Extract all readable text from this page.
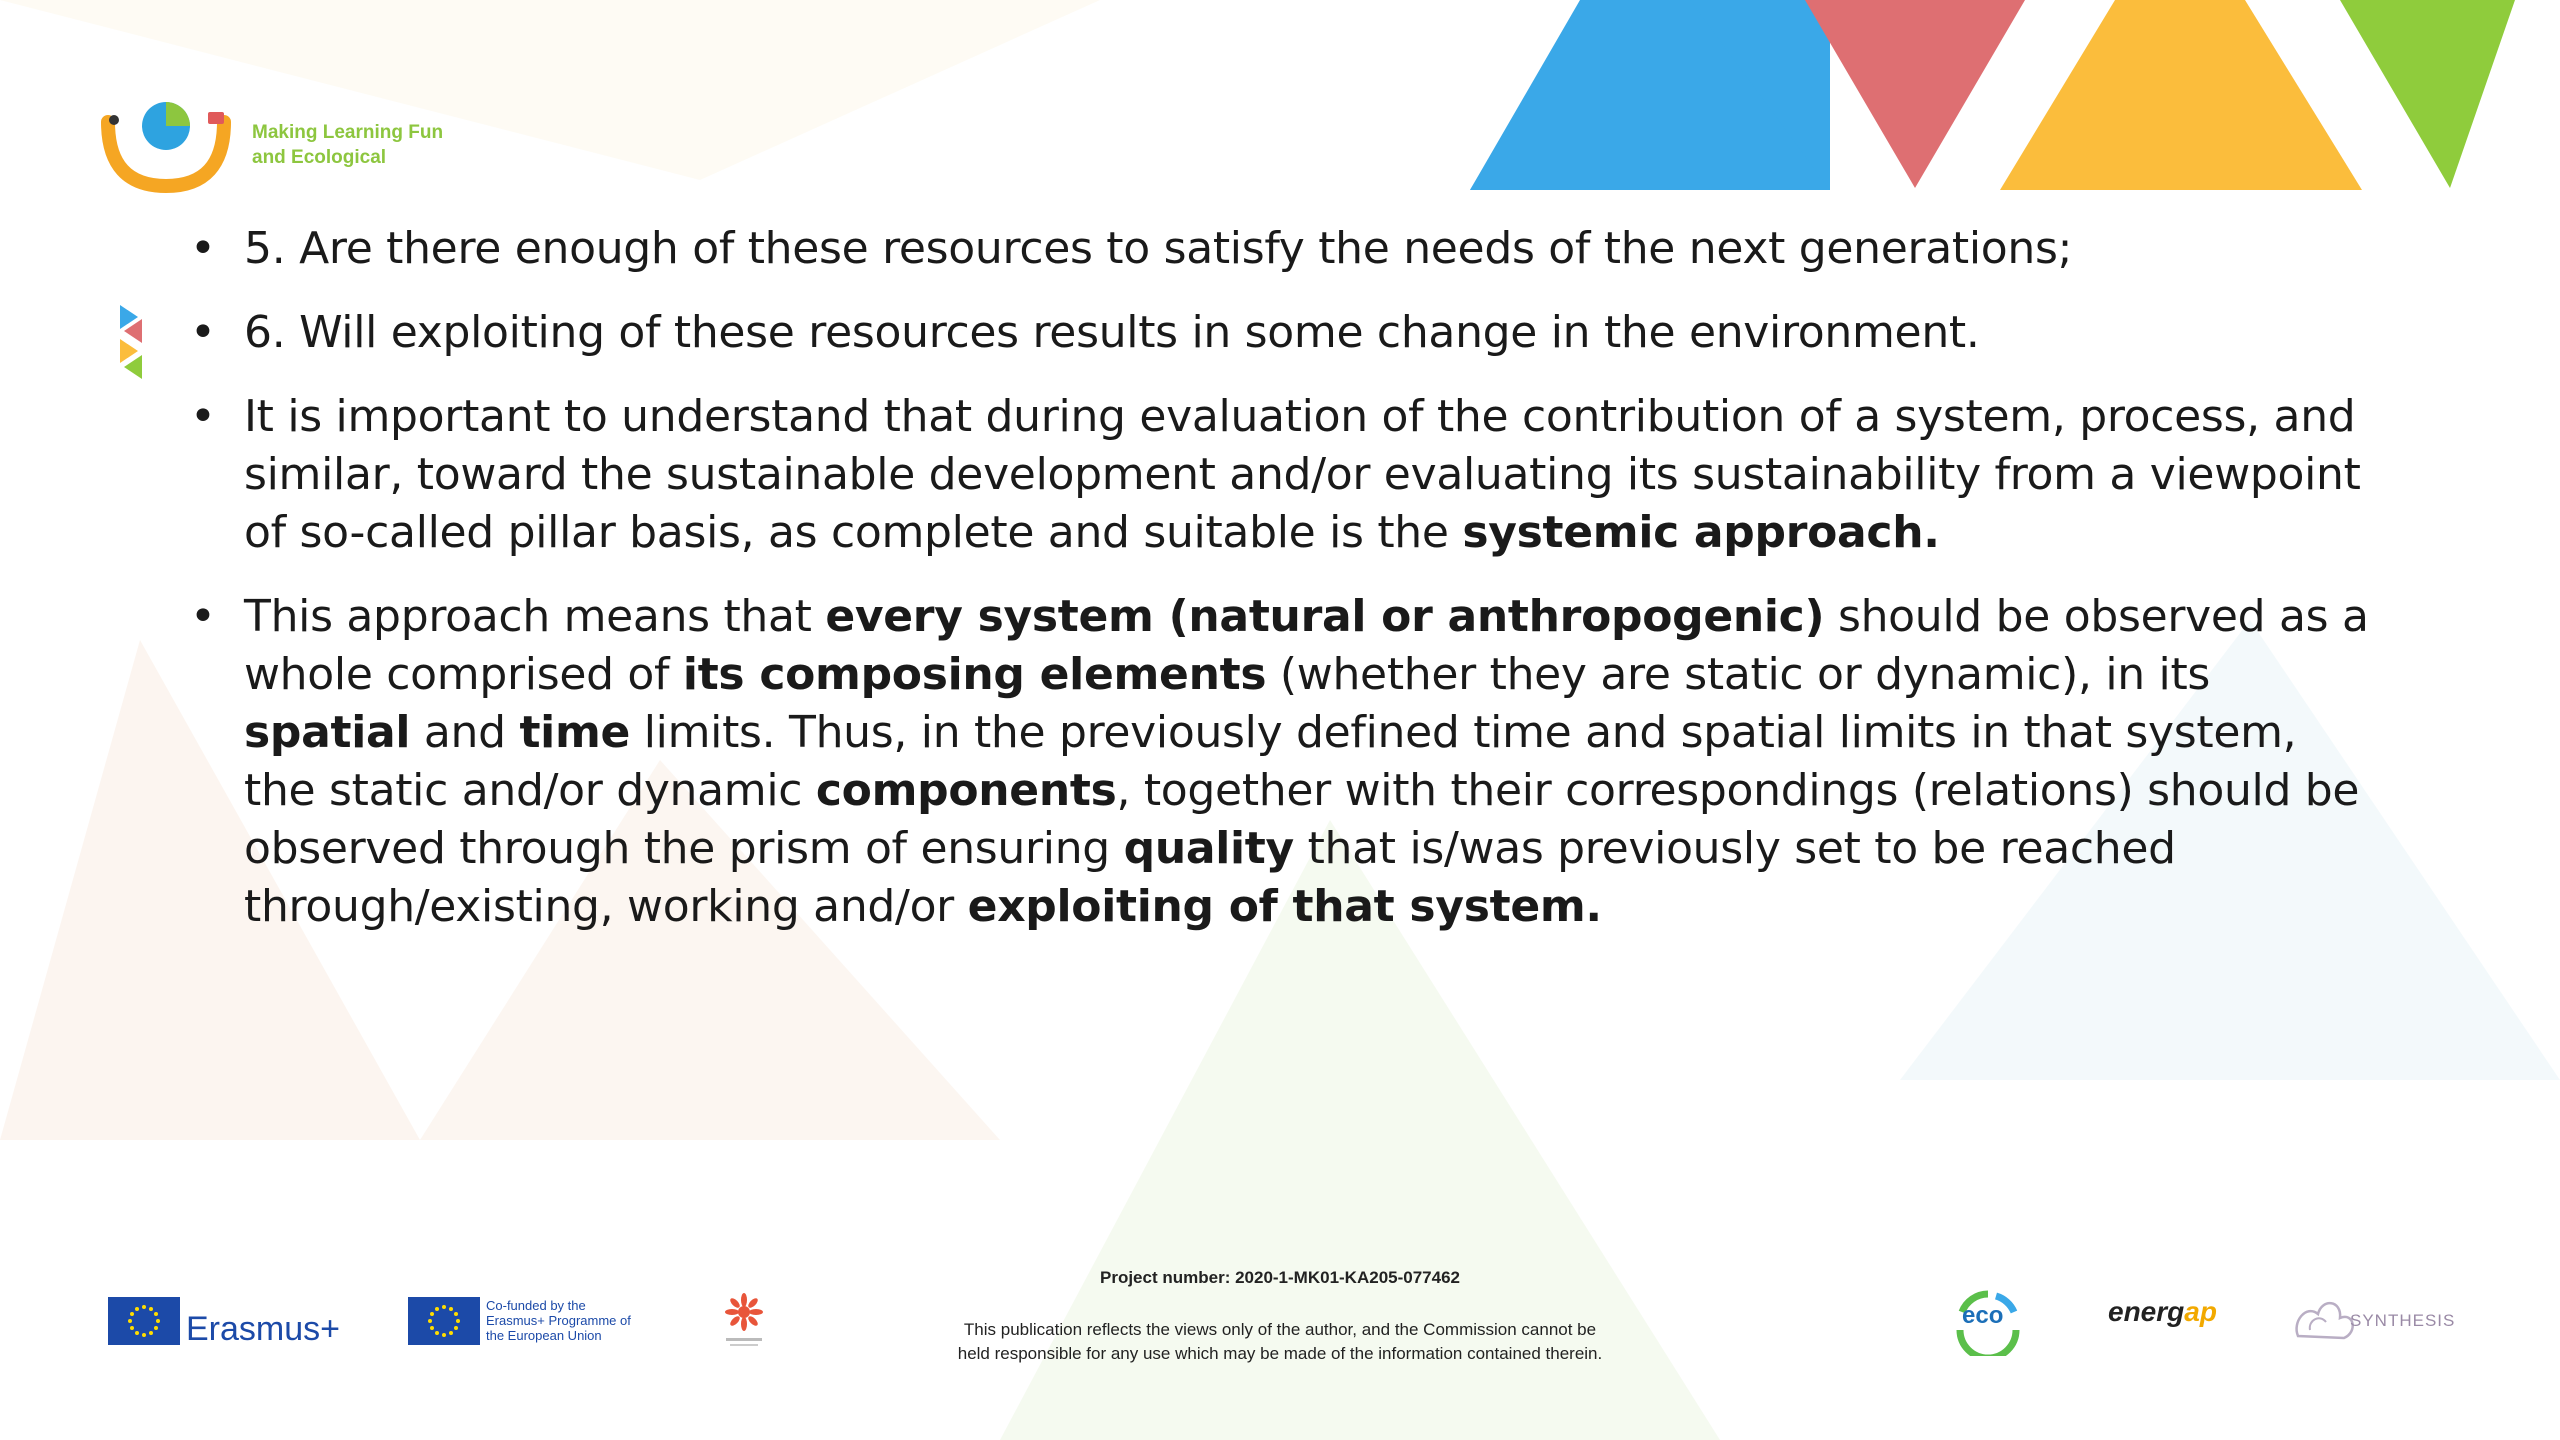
Making Learning Fun
and Ecological
• 5. Are there enough of these resources to satisfy the needs of the next generations;
• 6. Will exploiting of these resources results in some change in the environment.
• It is important to understand that during evaluation of the contribution of a system, process, and similar, toward the sustainable development and/or evaluating its sustainability from a viewpoint of so-called pillar basis, as complete and suitable is the systemic approach.
• This approach means that every system (natural or anthropogenic) should be observed as a whole comprised of its composing elements (whether they are static or dynamic), in its spatial and time limits. Thus, in the previously defined time and spatial limits in that system, the static and/or dynamic components, together with their correspondings (relations) should be observed through the prism of ensuring quality that is/was previously set to be reached through/existing, working and/or exploiting of that system.
Erasmus+
Co-funded by the Erasmus+ Programme of the European Union
Project number: 2020-1-MK01-KA205-077462
This publication reflects the views only of the author, and the Commission cannot be
held responsible for any use which may be made of the information contained therein.
eco	energap	SYNTHESIS
